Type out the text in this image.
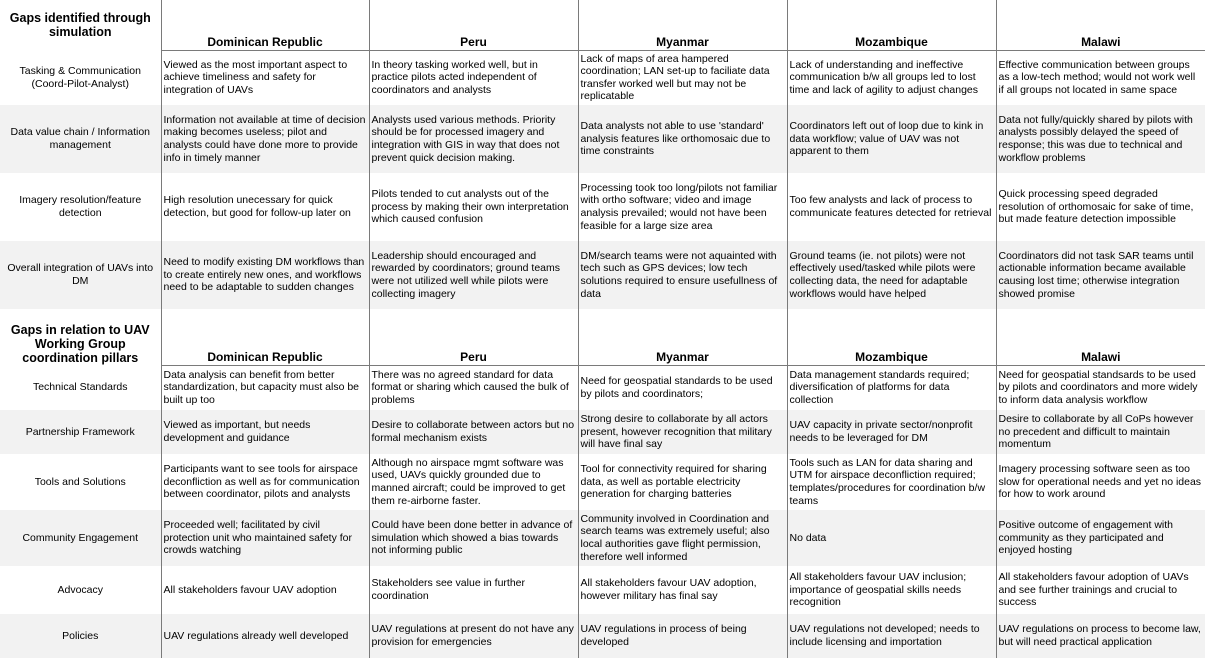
Gaps identified through simulation	Dominican Republic	Peru	Myanmar	Mozambique	Malawi
Tasking & Communication (Coord-Pilot-Analyst)	Viewed as the most important aspect to achieve timeliness and safety for integration of UAVs	In theory tasking worked well, but in practice pilots acted independent of coordinators and analysts	Lack of maps of area hampered coordination; LAN set-up to faciliate data transfer worked well but may not be replicatable	Lack of understanding and ineffective communication b/w all groups led to lost time and lack of agility to adjust changes	Effective communication between groups as a low-tech method; would not work well if all groups not located in same space
Data value chain / Information management	Information not available at time of decision making becomes useless; pilot and analysts could have done more to provide info in timely manner	Analysts used various methods. Priority should be for processed imagery and integration with GIS in way that does not prevent quick decision making.	Data analysts not able to use 'standard' analysis features like orthomosaic due to time constraints	Coordinators left out of loop due to kink in data workflow; value of UAV was not apparent to them	Data not fully/quickly shared by pilots with analysts possibly delayed the speed of response; this was due to technical and workflow problems
Imagery resolution/feature detection	High resolution unecessary for quick detection, but good for follow-up later on	Pilots tended to cut analysts out of the process by making their own interpretation which caused confusion	Processing took too long/pilots not familiar with ortho software; video and image analysis prevailed; would not have been feasible for a large size area	Too few analysts and lack of process to communicate features detected for retrieval	Quick processing speed degraded resolution of orthomosaic for sake of time, but made feature detection impossible
Overall integration of UAVs into DM	Need to modify existing DM workflows than to create entirely new ones, and workflows need to be adaptable to sudden changes	Leadership should encouraged and rewarded by coordinators; ground teams were not utilized well while pilots were collecting imagery	DM/search teams were not aquainted with tech such as GPS devices; low tech solutions required to ensure usefullness of data	Ground teams (ie. not pilots) were not effectively used/tasked while pilots were collecting data, the need for adaptable workflows would have helped	Coordinators did not task SAR teams until actionable information became available causing lost time; otherwise integration showed promise
Gaps in relation to UAV Working Group coordination pillars	Dominican Republic	Peru	Myanmar	Mozambique	Malawi
Technical Standards	Data analysis can benefit from better standardization, but capacity must also be built up too	There was no agreed standard for data format or sharing which caused the bulk of problems	Need for geospatial standards to be used by pilots and coordinators;	Data management standards required; diversification of platforms for data collection	Need for geospatial standsards to be used by pilots and coordinators and more widely to inform data analysis workflow
Partnership Framework	Viewed as important, but needs development and guidance	Desire to collaborate between actors but no formal mechanism exists	Strong desire to collaborate by all actors present, however recognition that military will have final say	UAV capacity in private sector/nonprofit needs to be leveraged for DM	Desire to collaborate by all CoPs however no precedent and difficult to maintain momentum
Tools and Solutions	Participants want to see tools for airspace deconfliction as well as for communication between coordinator, pilots and analysts	Although no airspace mgmt software was used, UAVs quickly grounded due to manned aircraft; could be improved to get them re-airborne faster.	Tool for connectivity required for sharing data, as well as portable electricity generation for charging batteries	Tools such as LAN for data sharing and UTM for airspace deconfliction required; templates/procedures for coordination b/w teams	Imagery processing software seen as too slow for operational needs and yet no ideas for how to work around
Community Engagement	Proceeded well; facilitated by civil protection unit who maintained safety for crowds watching	Could have been done better in advance of simulation which showed a bias towards not informing public	Community involved in Coordination and search teams was extremely useful; also local authorities gave flight permission, therefore well informed	No data	Positive outcome of engagement with community as they participated and enjoyed hosting
Advocacy	All stakeholders favour UAV adoption	Stakeholders see value in further coordination	All stakeholders favour UAV adoption, however military has final say	All stakeholders favour UAV inclusion; importance of geospatial skills needs recognition	All stakeholders favour adoption of UAVs and see further trainings and crucial to success
Policies	UAV regulations already well developed	UAV regulations at present do not have any provision for emergencies	UAV regulations in process of being developed	UAV regulations not developed; needs to include licensing and importation	UAV regulations on process to become law, but will need practical application
